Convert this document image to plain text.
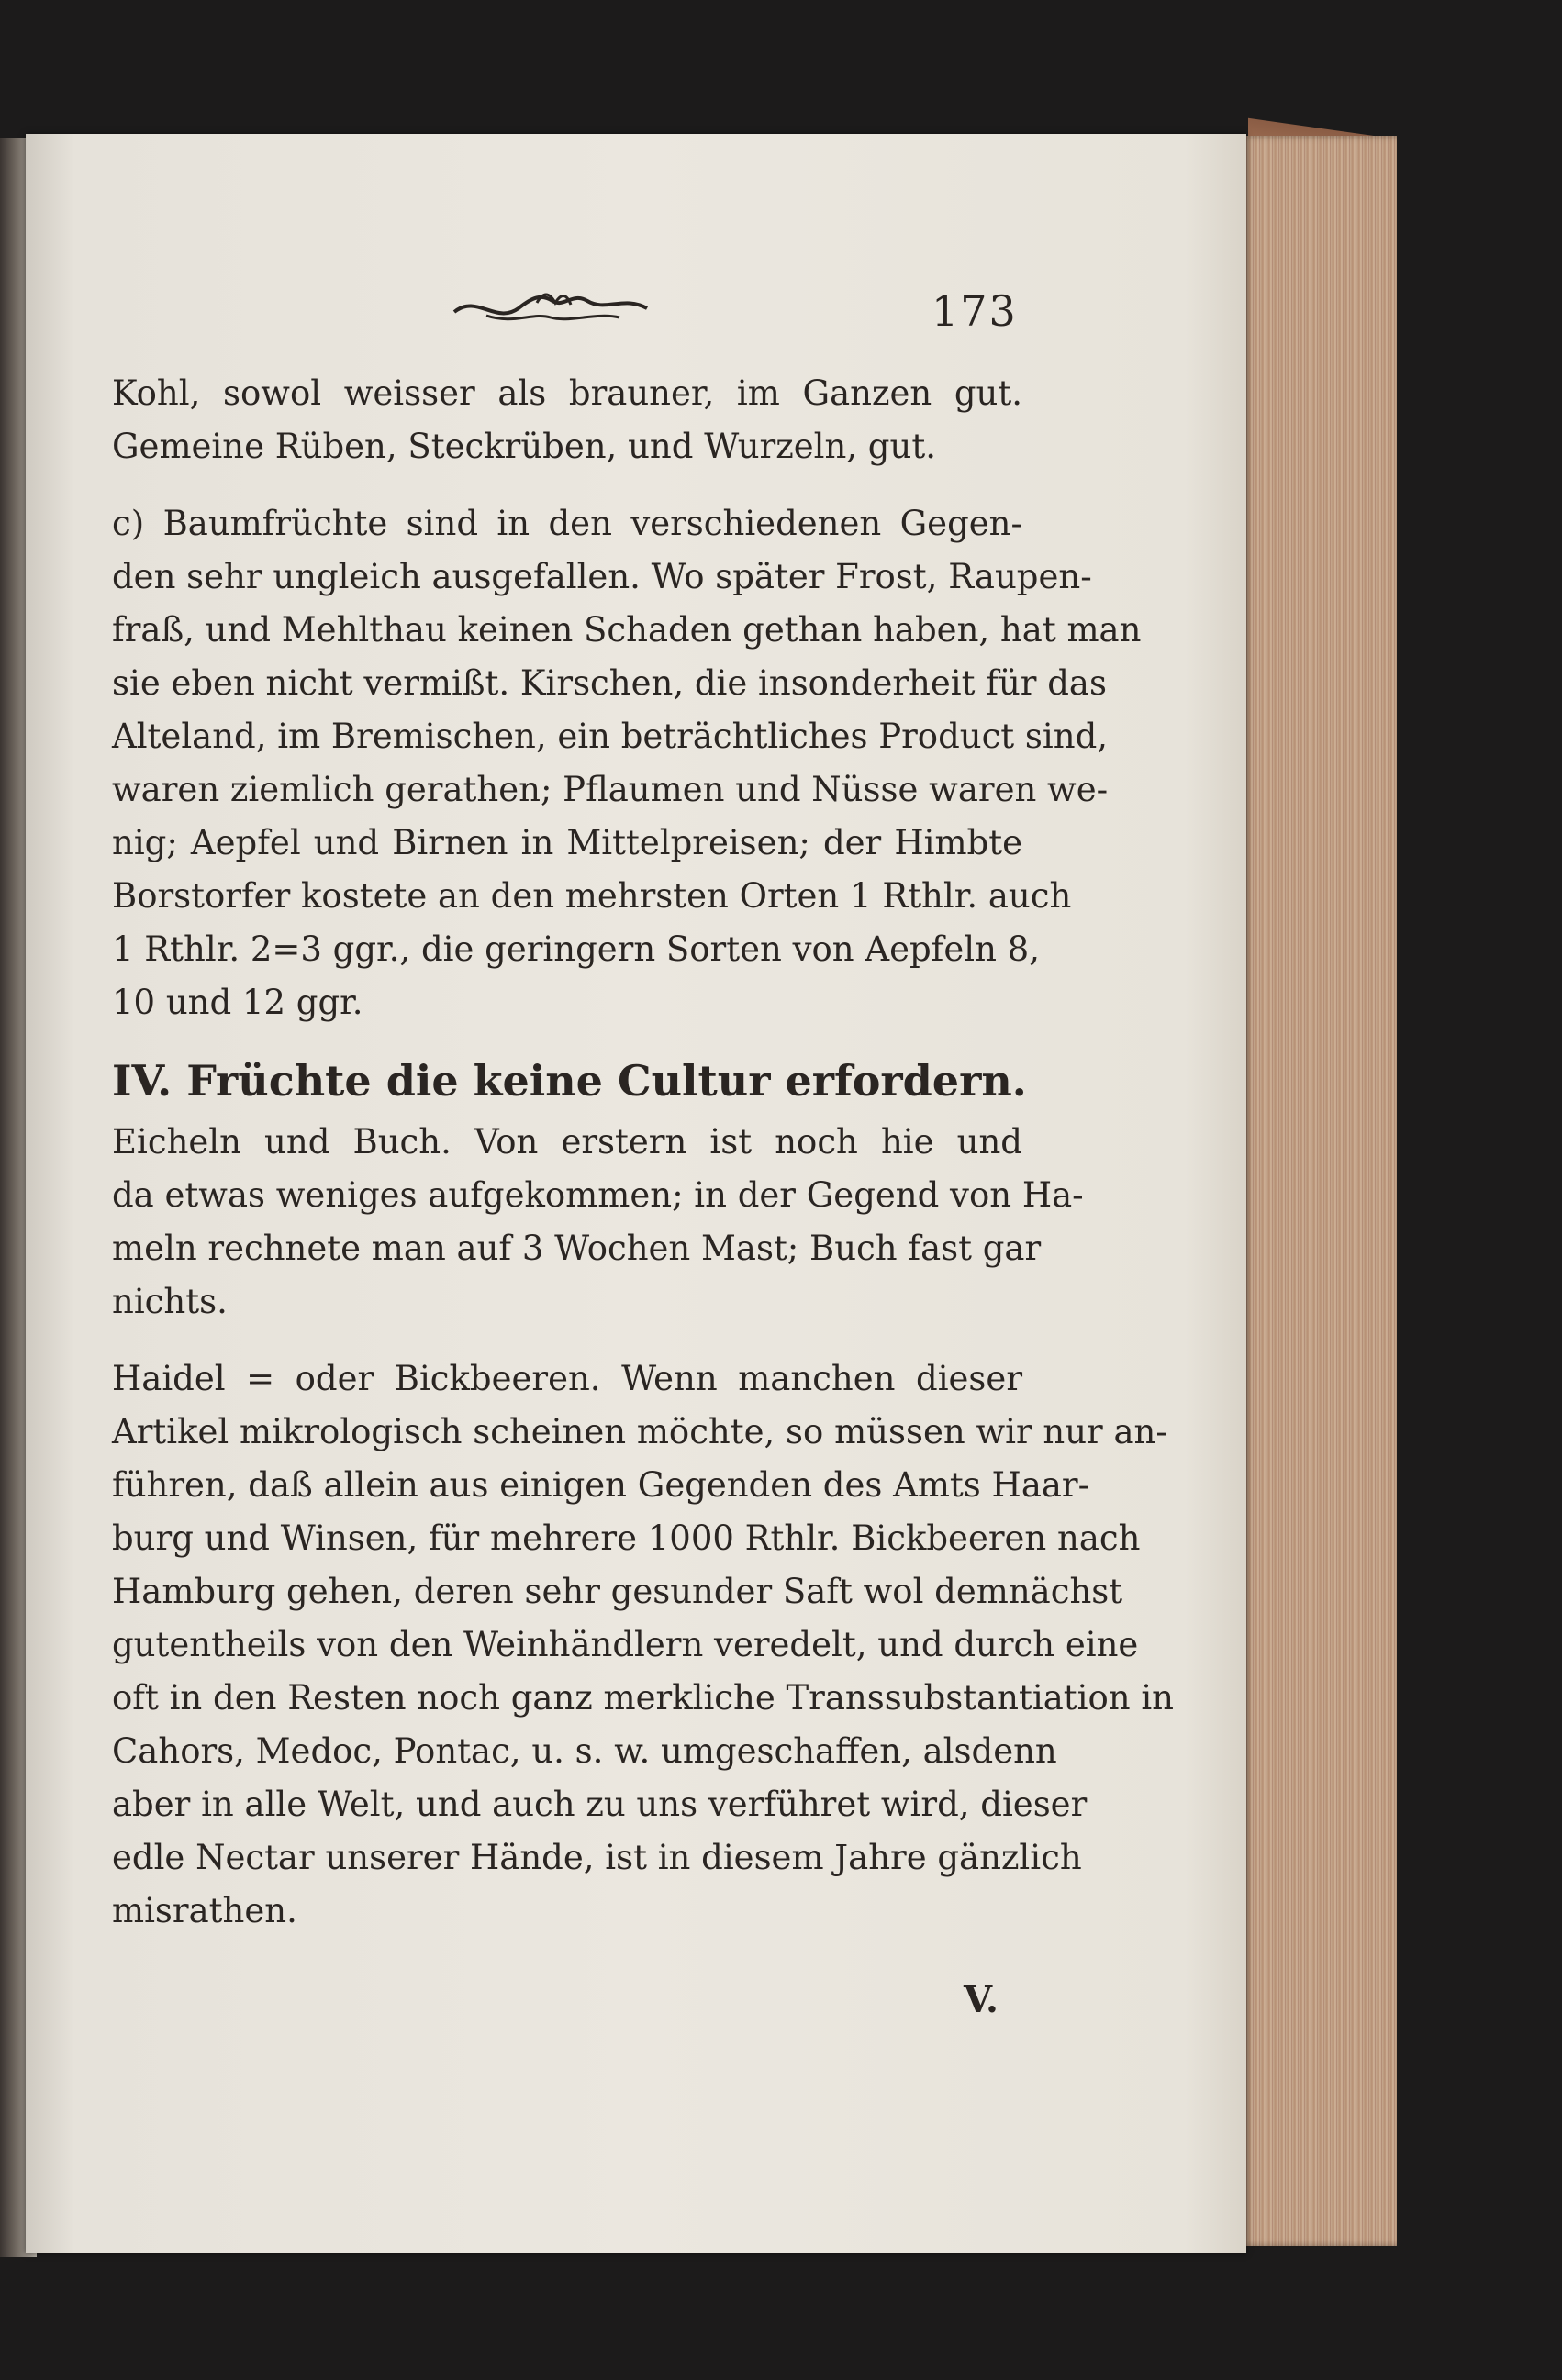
173
Kohl, sowol weisser als brauner, im Ganzen gut.
Gemeine Rüben, Steckrüben, und Wurzeln, gut.
c) Baumfrüchte sind in den verschiedenen Gegen-
den sehr ungleich ausgefallen. Wo später Frost, Raupen-
fraß, und Mehlthau keinen Schaden gethan haben, hat man
sie eben nicht vermißt. Kirschen, die insonderheit für das
Alteland, im Bremischen, ein beträchtliches Product sind,
waren ziemlich gerathen; Pflaumen und Nüsse waren we-
nig; Aepfel und Birnen in Mittelpreisen; der Himbte
Borstorfer kostete an den mehrsten Orten 1 Rthlr. auch
1 Rthlr. 2=3 ggr., die geringern Sorten von Aepfeln 8,
10 und 12 ggr.
IV. Früchte die keine Cultur erfordern.
Eicheln und Buch. Von erstern ist noch hie und
da etwas weniges aufgekommen; in der Gegend von Ha-
meln rechnete man auf 3 Wochen Mast; Buch fast gar
nichts.
Haidel = oder Bickbeeren. Wenn manchen dieser
Artikel mikrologisch scheinen möchte, so müssen wir nur an-
führen, daß allein aus einigen Gegenden des Amts Haar-
burg und Winsen, für mehrere 1000 Rthlr. Bickbeeren nach
Hamburg gehen, deren sehr gesunder Saft wol demnächst
gutentheils von den Weinhändlern veredelt, und durch eine
oft in den Resten noch ganz merkliche Transsubstantiation in
Cahors, Medoc, Pontac, u. s. w. umgeschaffen, alsdenn
aber in alle Welt, und auch zu uns verführet wird, dieser
edle Nectar unserer Hände, ist in diesem Jahre gänzlich
misrathen.
V.
